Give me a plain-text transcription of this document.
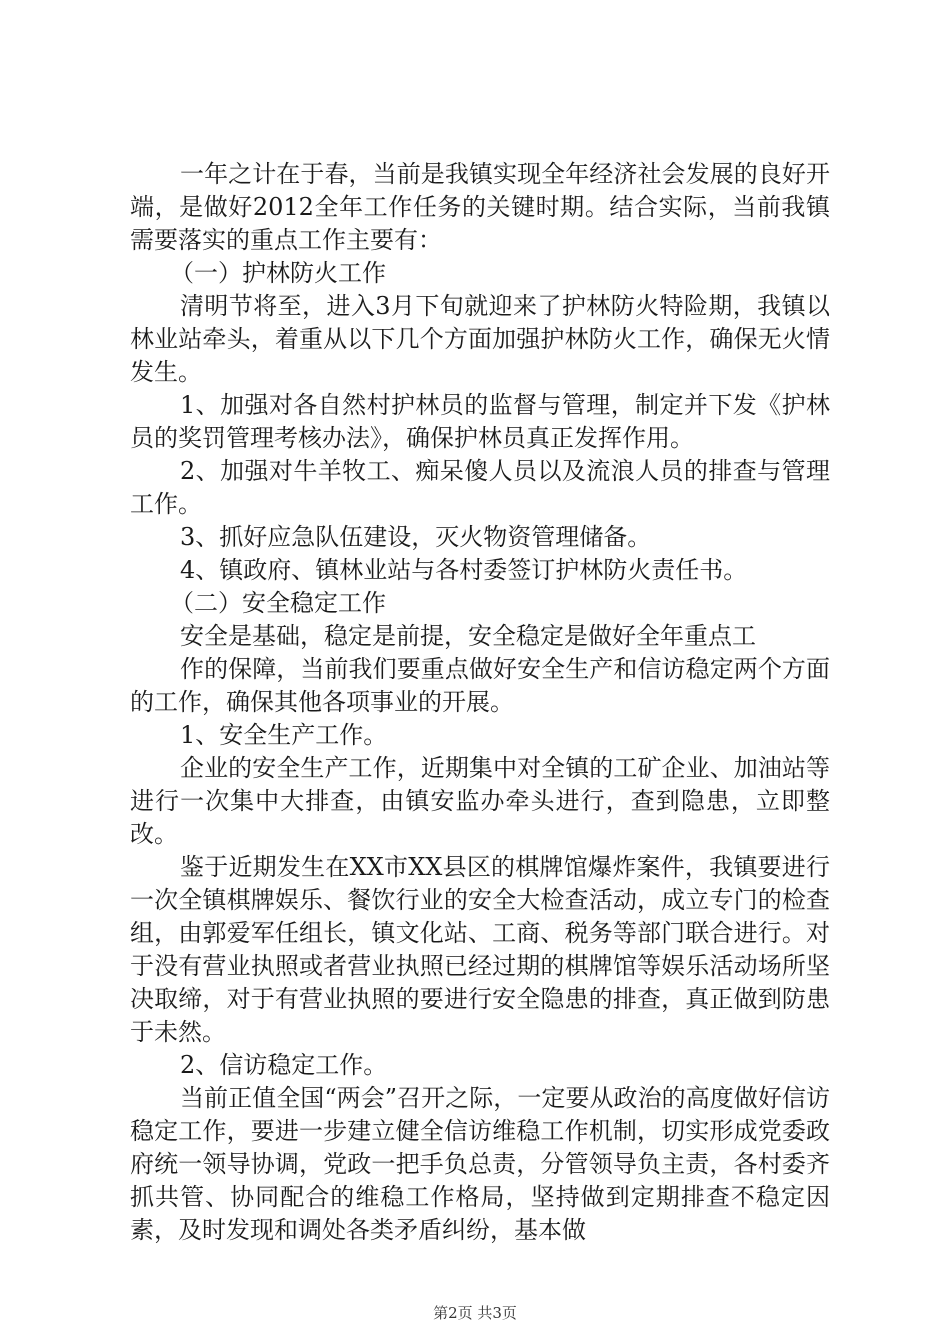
一年之计在于春，当前是我镇实现全年经济社会发展的良好开端，是做好2012全年工作任务的关键时期。结合实际，当前我镇需要落实的重点工作主要有：

（一）护林防火工作

清明节将至，进入3月下旬就迎来了护林防火特险期，我镇以林业站牵头，着重从以下几个方面加强护林防火工作，确保无火情发生。

1、加强对各自然村护林员的监督与管理，制定并下发《护林员的奖罚管理考核办法》，确保护林员真正发挥作用。

2、加强对牛羊牧工、痴呆傻人员以及流浪人员的排查与管理工作。

3、抓好应急队伍建设，灭火物资管理储备。

4、镇政府、镇林业站与各村委签订护林防火责任书。

（二）安全稳定工作

安全是基础，稳定是前提，安全稳定是做好全年重点工

作的保障，当前我们要重点做好安全生产和信访稳定两个方面的工作，确保其他各项事业的开展。

1、安全生产工作。

企业的安全生产工作，近期集中对全镇的工矿企业、加油站等进行一次集中大排查，由镇安监办牵头进行，查到隐患，立即整改。

鉴于近期发生在XX市XX县区的棋牌馆爆炸案件，我镇要进行一次全镇棋牌娱乐、餐饮行业的安全大检查活动，成立专门的检查组，由郭爱军任组长，镇文化站、工商、税务等部门联合进行。对于没有营业执照或者营业执照已经过期的棋牌馆等娱乐活动场所坚决取缔，对于有营业执照的要进行安全隐患的排查，真正做到防患于未然。

2、信访稳定工作。

当前正值全国“两会”召开之际，一定要从政治的高度做好信访稳定工作，要进一步建立健全信访维稳工作机制，切实形成党委政府统一领导协调，党政一把手负总责，分管领导负主责，各村委齐抓共管、协同配合的维稳工作格局，坚持做到定期排查不稳定因素，及时发现和调处各类矛盾纠纷，基本做

第2页 共3页
